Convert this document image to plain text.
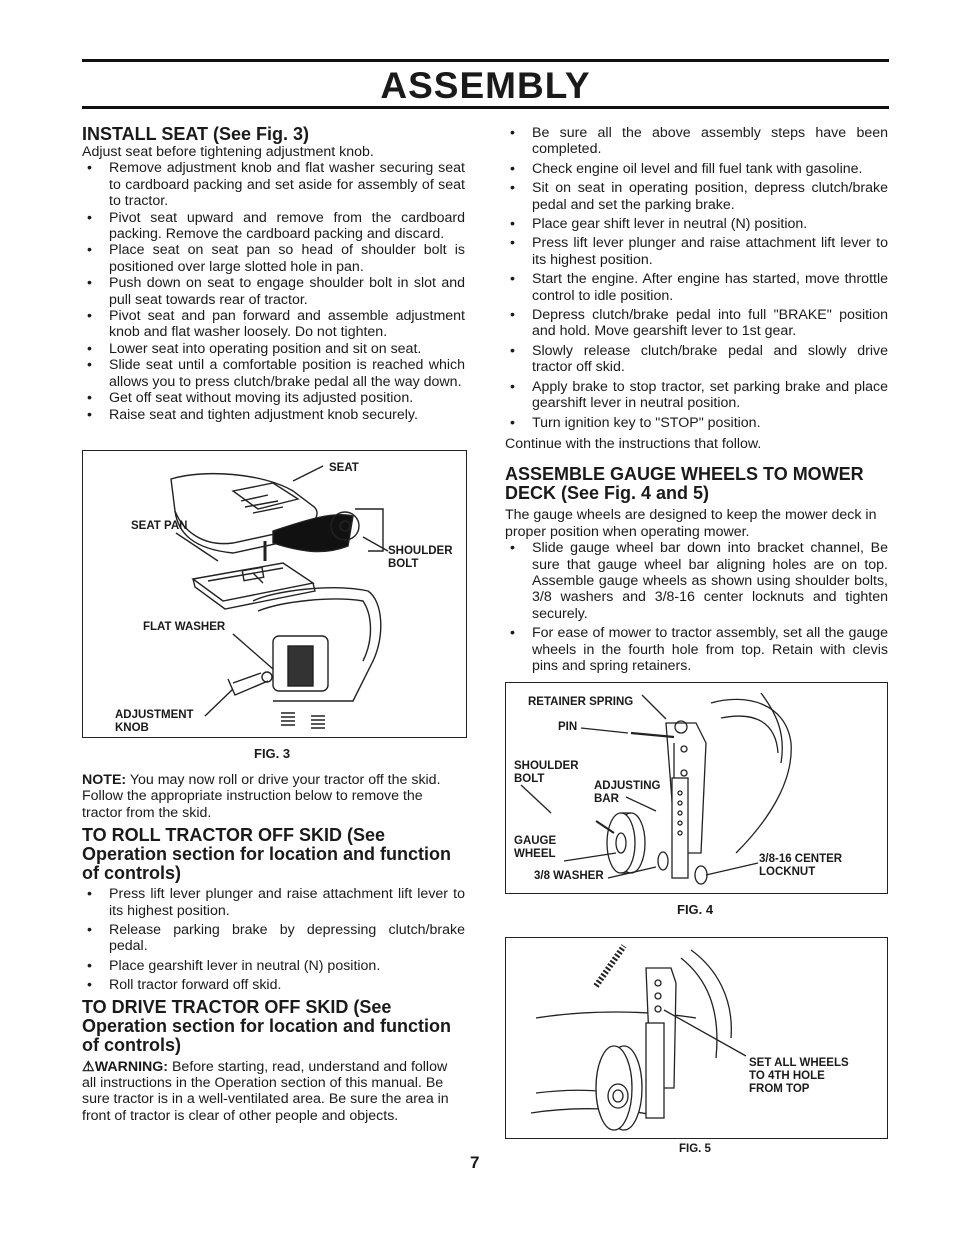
ASSEMBLY
INSTALL SEAT (See Fig. 3)

Adjust seat before tightening adjustment knob.

• Remove adjustment knob and flat washer securing seat to cardboard packing and set aside for assembly of seat to tractor.
• Pivot seat upward and remove from the cardboard packing. Remove the cardboard packing and discard.
• Place seat on seat pan so head of shoulder bolt is positioned over large slotted hole in pan.
• Push down on seat to engage shoulder bolt in slot and pull seat towards rear of tractor.
• Pivot seat and pan forward and assemble adjustment knob and flat washer loosely. Do not tighten.
• Lower seat into operating position and sit on seat.
• Slide seat until a comfortable position is reached which allows you to press clutch/brake pedal all the way down.
• Get off seat without moving its adjusted position.
• Raise seat and tighten adjustment knob securely.
SEAT
SEAT PAN
SHOULDER
BOLT
FLAT WASHER
ADJUSTMENT
KNOB
FIG. 3

NOTE: You may now roll or drive your tractor off the skid. Follow the appropriate instruction below to remove the tractor from the skid.

TO ROLL TRACTOR OFF SKID (See Operation section for location and function of controls)
• Press lift lever plunger and raise attachment lift lever to its highest position.
• Release parking brake by depressing clutch/brake pedal.
• Place gearshift lever in neutral (N) position.
• Roll tractor forward off skid.
TO DRIVE TRACTOR OFF SKID (See Operation section for location and function of controls)

⚠WARNING: Before starting, read, understand and follow all instructions in the Operation section of this manual. Be sure tractor is in a well-ventilated area. Be sure the area in front of tractor is clear of other people and objects.

• Be sure all the above assembly steps have been completed.
• Check engine oil level and fill fuel tank with gasoline.
• Sit on seat in operating position, depress clutch/brake pedal and set the parking brake.
• Place gear shift lever in neutral (N) position.
• Press lift lever plunger and raise attachment lift lever to its highest position.
• Start the engine. After engine has started, move throttle control to idle position.
• Depress clutch/brake pedal into full "BRAKE" position and hold. Move gearshift lever to 1st gear.
• Slowly release clutch/brake pedal and slowly drive tractor off skid.
• Apply brake to stop tractor, set parking brake and place gearshift lever in neutral position.
• Turn ignition key to "STOP" position.

Continue with the instructions that follow.

ASSEMBLE GAUGE WHEELS TO MOWER DECK (See Fig. 4 and 5)

The gauge wheels are designed to keep the mower deck in proper position when operating mower.

• Slide gauge wheel bar down into bracket channel, Be sure that gauge wheel bar aligning holes are on top. Assemble gauge wheels as shown using shoulder bolts, 3/8 washers and 3/8-16 center locknuts and tighten securely.
• For ease of mower to tractor assembly, set all the gauge wheels in the fourth hole from top. Retain with clevis pins and spring retainers.
RETAINER SPRING
PIN
SHOULDER
BOLT
ADJUSTING
BAR
GAUGE
WHEEL
3/8 WASHER
3/8-16 CENTER
LOCKNUT
FIG. 4
SET ALL WHEELS
TO 4TH HOLE
FROM TOP
FIG. 5
7
